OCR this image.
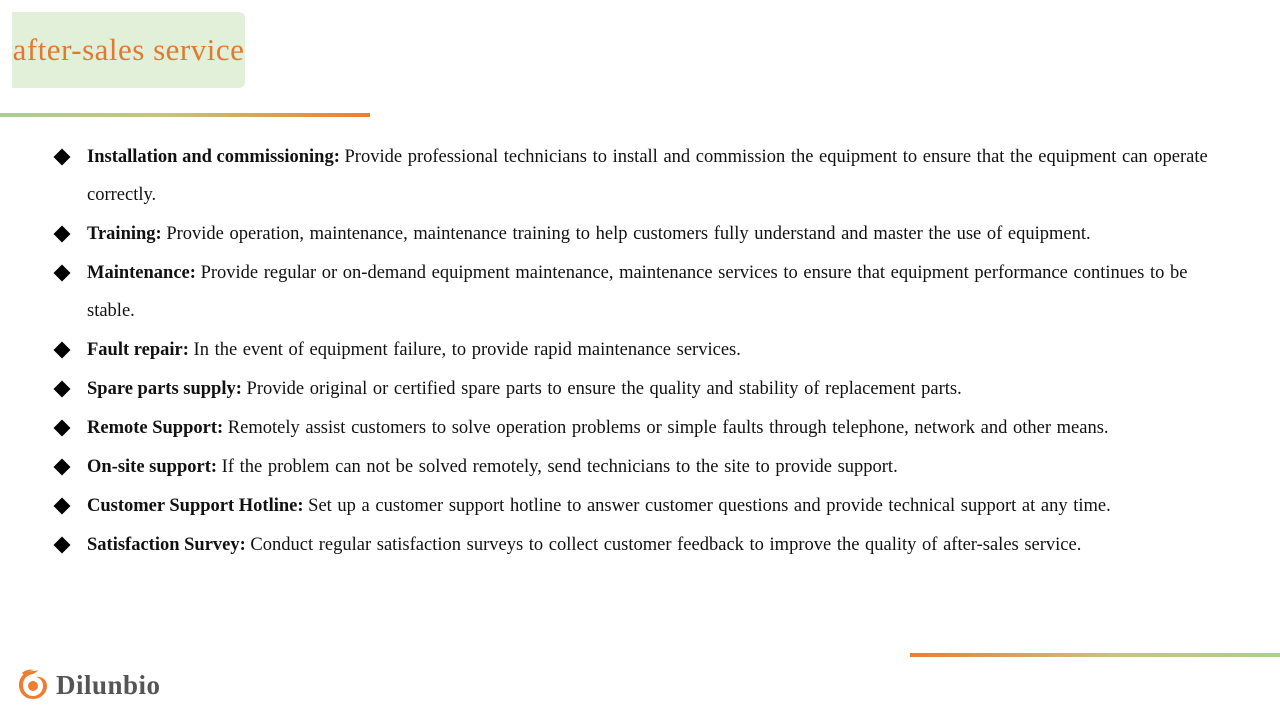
after-sales service
Installation and commissioning: Provide professional technicians to install and commission the equipment to ensure that the equipment can operate correctly.
Training: Provide operation, maintenance, maintenance training to help customers fully understand and master the use of equipment.
Maintenance: Provide regular or on-demand equipment maintenance, maintenance services to ensure that equipment performance continues to be stable.
Fault repair: In the event of equipment failure, to provide rapid maintenance services.
Spare parts supply: Provide original or certified spare parts to ensure the quality and stability of replacement parts.
Remote Support: Remotely assist customers to solve operation problems or simple faults through telephone, network and other means.
On-site support: If the problem can not be solved remotely, send technicians to the site to provide support.
Customer Support Hotline: Set up a customer support hotline to answer customer questions and provide technical support at any time.
Satisfaction Survey: Conduct regular satisfaction surveys to collect customer feedback to improve the quality of after-sales service.
Dilunbio
